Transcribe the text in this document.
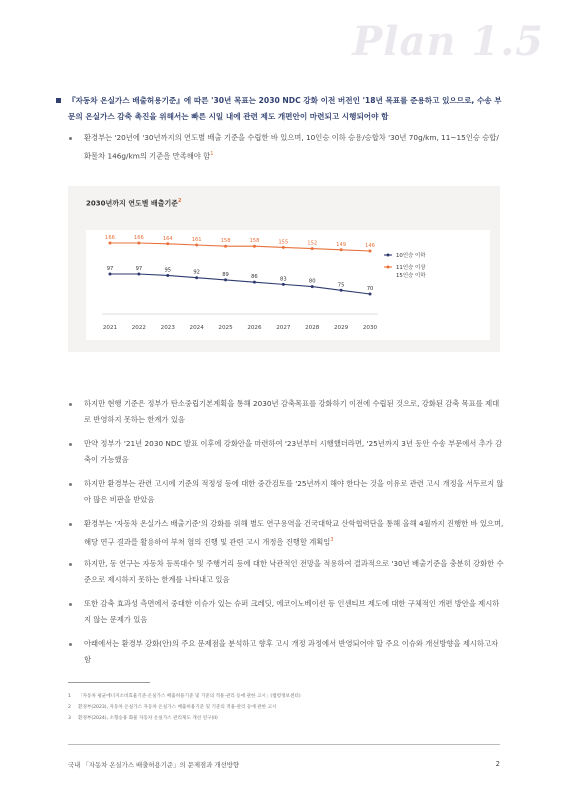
Plan 1.5
『자동차 온실가스 배출허용기준』에 따른 '30년 목표는 2030 NDC 강화 이전 버전인 '18년 목표를 준용하고 있으므로, 수송 부문의 온실가스 감축 촉진을 위해서는 빠른 시일 내에 관련 제도 개편안이 마련되고 시행되어야 함
환경부는 '20년에 '30년까지의 연도별 배출 기준을 수립한 바 있으며, 10인승 이하 승용/승합차 '30년 70g/km, 11~15인승 승합/화물차 146g/km의 기준을 만족해야 함$^1$
2030년까지 연도별 배출기준$^2$
2021	2022	2023	2024	2025	2026	2027	2028	2029	2030
97	97	95	92	89	86	83	80
75
70
166	166	164	161	158	158	155	152	149	146
10인승 이하
11인승 이상
15인승 이하
하지만 현행 기준은 정부가 탄소중립기본계획을 통해 2030년 감축목표를 강화하기 이전에 수립된 것으로, 강화된 감축 목표를 제대로 반영하지 못하는 한계가 있음
만약 정부가 '21년 2030 NDC 발표 이후에 강화안을 마련하여 '23년부터 시행했더라면, '25년까지 3년 동안 수송 부문에서 추가 감축이 가능했음
하지만 환경부는 관련 고시에 기준의 적정성 등에 대한 중간검토를 '25년까지 해야 한다는 것을 이유로 관련 고시 개정을 서두르지 않아 많은 비판을 받았음
환경부는 '자동차 온실가스 배출기준'의 강화를 위해 별도 연구용역을 건국대학교 산학협력단을 통해 올해 4월까지 진행한 바 있으며, 해당 연구 결과를 활용하여 부처 협의 진행 및 관련 고시 개정을 진행할 계획임$^3$
하지만, 동 연구는 자동차 등록대수 및 주행거리 등에 대한 낙관적인 전망을 적용하여 결과적으로 '30년 배출기준을 충분히 강화한 수준으로 제시하지 못하는 한계를 나타내고 있음
또한 감축 효과성 측면에서 중대한 이슈가 있는 슈퍼 크레딧, 에코이노베이션 등 인센티브 제도에 대한 구체적인 개편 방안을 제시하지 않는 문제가 있음
아래에서는 환경부 강화(안)의 주요 문제점을 분석하고 향후 고시 개정 과정에서 반영되어야 할 주요 이슈와 개선방향을 제시하고자 함
1 「자동차 평균에너지소비효율기준·온실가스 배출허용기준 및 기준의 적용·관리 등에 관한 고시」(법령정보센터)
2 환경부(2023), 자동차 온실가스 자동차 온실가스 배출허용기준 및 기준의 적용·관리 등에 관한 고시
3 환경부(2024), 소형승용 화물 자동차 온실가스 관리제도 개선 연구(II)
국내 「자동차 온실가스 배출허용기준」의 문제점과 개선방향	2
